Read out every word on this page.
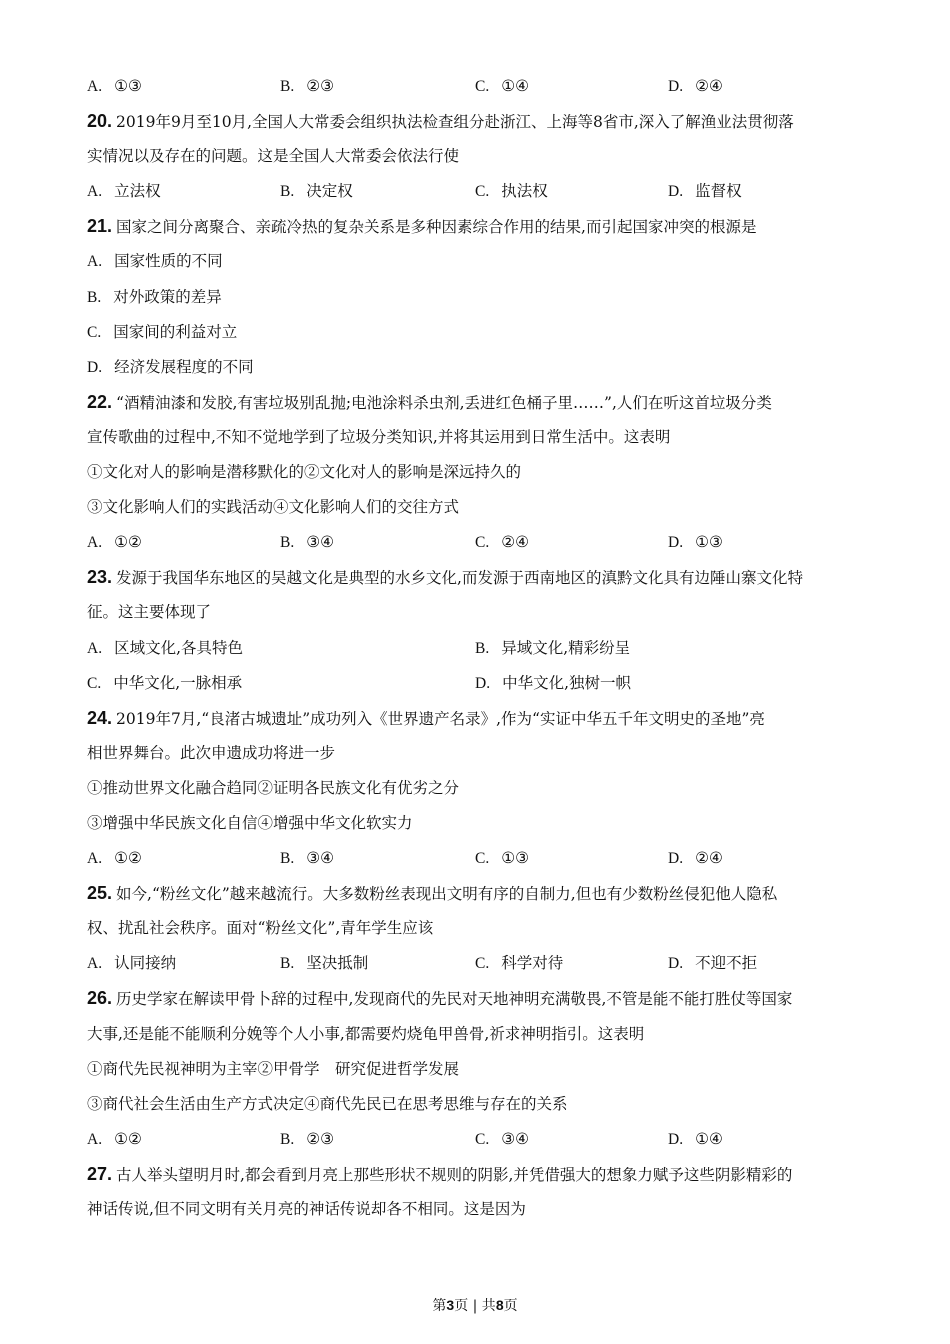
A. ①③	B. ②③	C. ①④	D. ②④
20. 2019年9月至10月,全国人大常委会组织执法检查组分赴浙江、上海等8省市,深入了解渔业法贯彻落
实情况以及存在的问题。这是全国人大常委会依法行使
A. 立法权	B. 决定权	C. 执法权	D. 监督权
21. 国家之间分离聚合、亲疏冷热的复杂关系是多种因素综合作用的结果,而引起国家冲突的根源是
A. 国家性质的不同
B. 对外政策的差异
C. 国家间的利益对立
D. 经济发展程度的不同
22. “酒精油漆和发胶,有害垃圾别乱抛;电池涂料杀虫剂,丢进红色桶子里……”,人们在听这首垃圾分类
宣传歌曲的过程中,不知不觉地学到了垃圾分类知识,并将其运用到日常生活中。这表明
①文化对人的影响是潜移默化的②文化对人的影响是深远持久的
③文化影响人们的实践活动④文化影响人们的交往方式
A. ①②	B. ③④	C. ②④	D. ①③
23. 发源于我国华东地区的吴越文化是典型的水乡文化,而发源于西南地区的滇黔文化具有边陲山寨文化特
征。这主要体现了
A. 区域文化,各具特色	B. 异域文化,精彩纷呈
C. 中华文化,一脉相承	D. 中华文化,独树一帜
24. 2019年7月,“良渚古城遗址”成功列入《世界遗产名录》,作为“实证中华五千年文明史的圣地”亮
相世界舞台。此次申遗成功将进一步
①推动世界文化融合趋同②证明各民族文化有优劣之分
③增强中华民族文化自信④增强中华文化软实力
A. ①②	B. ③④	C. ①③	D. ②④
25. 如今,“粉丝文化”越来越流行。大多数粉丝表现出文明有序的自制力,但也有少数粉丝侵犯他人隐私
权、扰乱社会秩序。面对“粉丝文化”,青年学生应该
A. 认同接纳	B. 坚决抵制	C. 科学对待	D. 不迎不拒
26. 历史学家在解读甲骨卜辞的过程中,发现商代的先民对天地神明充满敬畏,不管是能不能打胜仗等国家
大事,还是能不能顺利分娩等个人小事,都需要灼烧龟甲兽骨,祈求神明指引。这表明
①商代先民视神明为主宰②甲骨学　研究促进哲学发展
③商代社会生活由生产方式决定④商代先民已在思考思维与存在的关系
A. ①②	B. ②③	C. ③④	D. ①④
27. 古人举头望明月时,都会看到月亮上那些形状不规则的阴影,并凭借强大的想象力赋予这些阴影精彩的
神话传说,但不同文明有关月亮的神话传说却各不相同。这是因为
第3页 | 共8页
